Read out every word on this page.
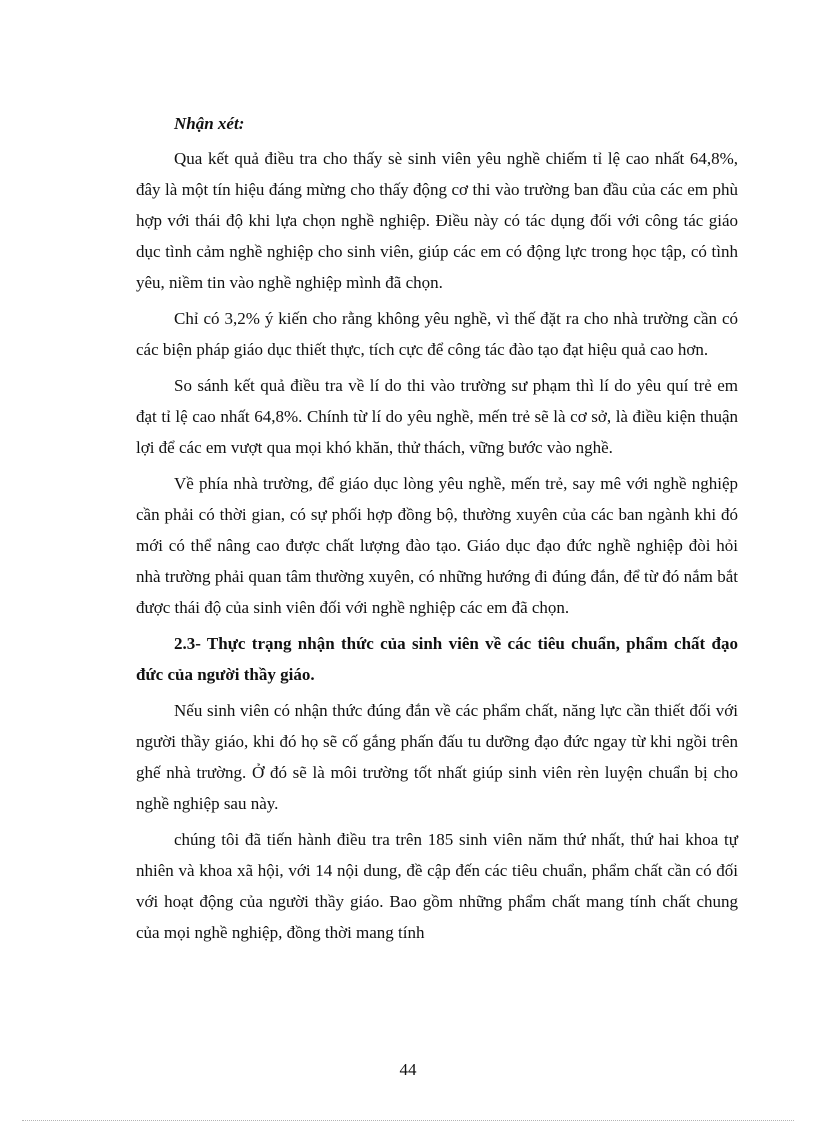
Nhận xét:

Qua kết quả điều tra cho thấy sè sinh viên yêu nghề chiếm tỉ lệ cao nhất 64,8%, đây là một tín hiệu đáng mừng cho thấy động cơ thi vào trường ban đầu của các em phù hợp với thái độ khi lựa chọn nghề nghiệp. Điều này có tác dụng đối với công tác giáo dục tình cảm nghề nghiệp cho sinh viên, giúp các em có động lực trong học tập, có tình yêu, niềm tin vào nghề nghiệp mình đã chọn.

Chỉ có 3,2% ý kiến cho rằng không yêu nghề, vì thế đặt ra cho nhà trường cần có các biện pháp giáo dục thiết thực, tích cực để công tác đào tạo đạt hiệu quả cao hơn.

So sánh kết quả điều tra về lí do thi vào trường sư phạm thì lí do yêu quí trẻ em đạt tỉ lệ cao nhất 64,8%. Chính từ lí do yêu nghề, mến trẻ sẽ là cơ sở, là điều kiện thuận lợi để các em vượt qua mọi khó khăn, thử thách, vững bước vào nghề.

Về phía nhà trường, để giáo dục lòng yêu nghề, mến trẻ, say mê với nghề nghiệp cần phải có thời gian, có sự phối hợp đồng bộ, thường xuyên của các ban ngành khi đó mới có thể nâng cao được chất lượng đào tạo. Giáo dục đạo đức nghề nghiệp đòi hỏi nhà trường phải quan tâm thường xuyên, có những hướng đi đúng đắn, để từ đó nắm bắt được thái độ của sinh viên đối với nghề nghiệp các em đã chọn.

2.3- Thực trạng nhận thức của sinh viên về các tiêu chuẩn, phẩm chất đạo đức của người thầy giáo.

Nếu sinh viên có nhận thức đúng đắn về các phẩm chất, năng lực cần thiết đối với người thầy giáo, khi đó họ sẽ cố gắng phấn đấu tu dưỡng đạo đức ngay từ khi ngồi trên ghế nhà trường. Ở đó sẽ là môi trường tốt nhất giúp sinh viên rèn luyện chuẩn bị cho nghề nghiệp sau này.

chúng tôi đã tiến hành điều tra trên 185 sinh viên năm thứ nhất, thứ hai khoa tự nhiên và khoa xã hội, với 14 nội dung, đề cập đến các tiêu chuẩn, phẩm chất cần có đối với hoạt động của người thầy giáo. Bao gồm những phẩm chất mang tính chất chung của mọi nghề nghiệp, đồng thời mang tính

44
